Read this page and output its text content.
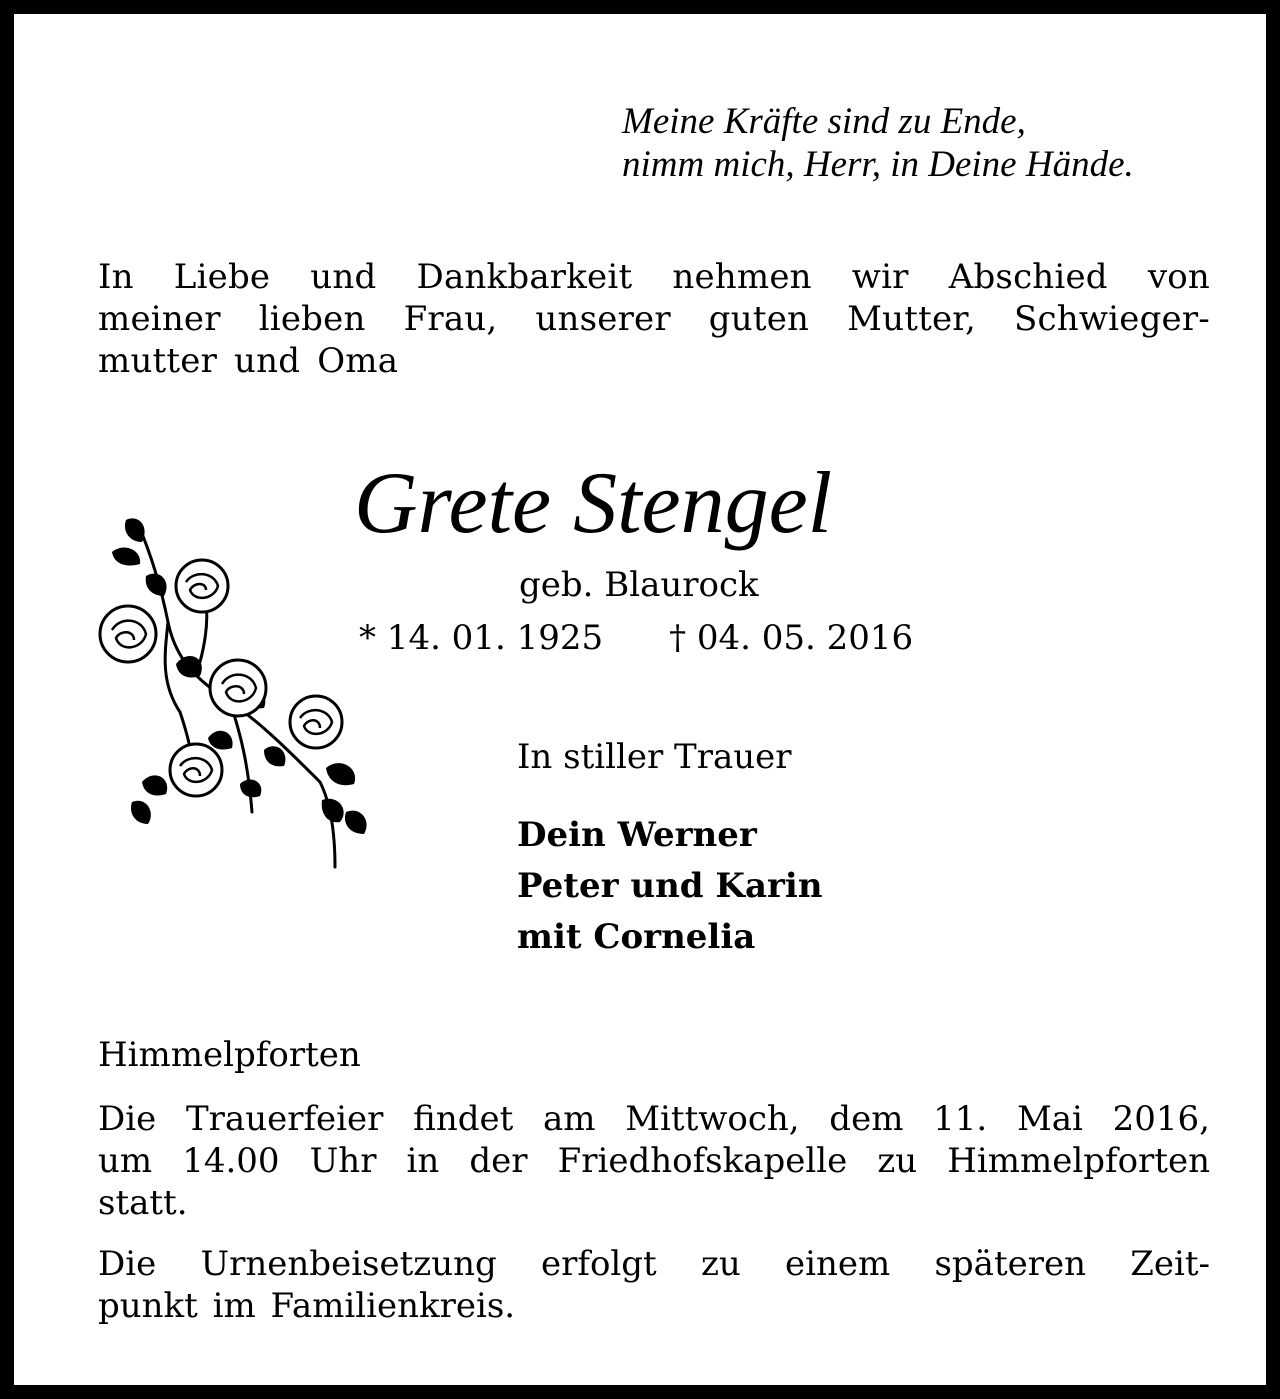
Meine Kräfte sind zu Ende,
nimm mich, Herr, in Deine Hände.
In Liebe und Dankbarkeit nehmen wir Abschied von
meiner lieben Frau, unserer guten Mutter, Schwieger-
mutter und Oma
Grete Stengel
geb. Blaurock
* 14. 01. 1925 † 04. 05. 2016
In stiller Trauer
Dein Werner
Peter und Karin
mit Cornelia
Himmelpforten
Die Trauerfeier findet am Mittwoch, dem 11. Mai 2016,
um 14.00 Uhr in der Friedhofskapelle zu Himmelpforten
statt.
Die Urnenbeisetzung erfolgt zu einem späteren Zeit-
punkt im Familienkreis.
